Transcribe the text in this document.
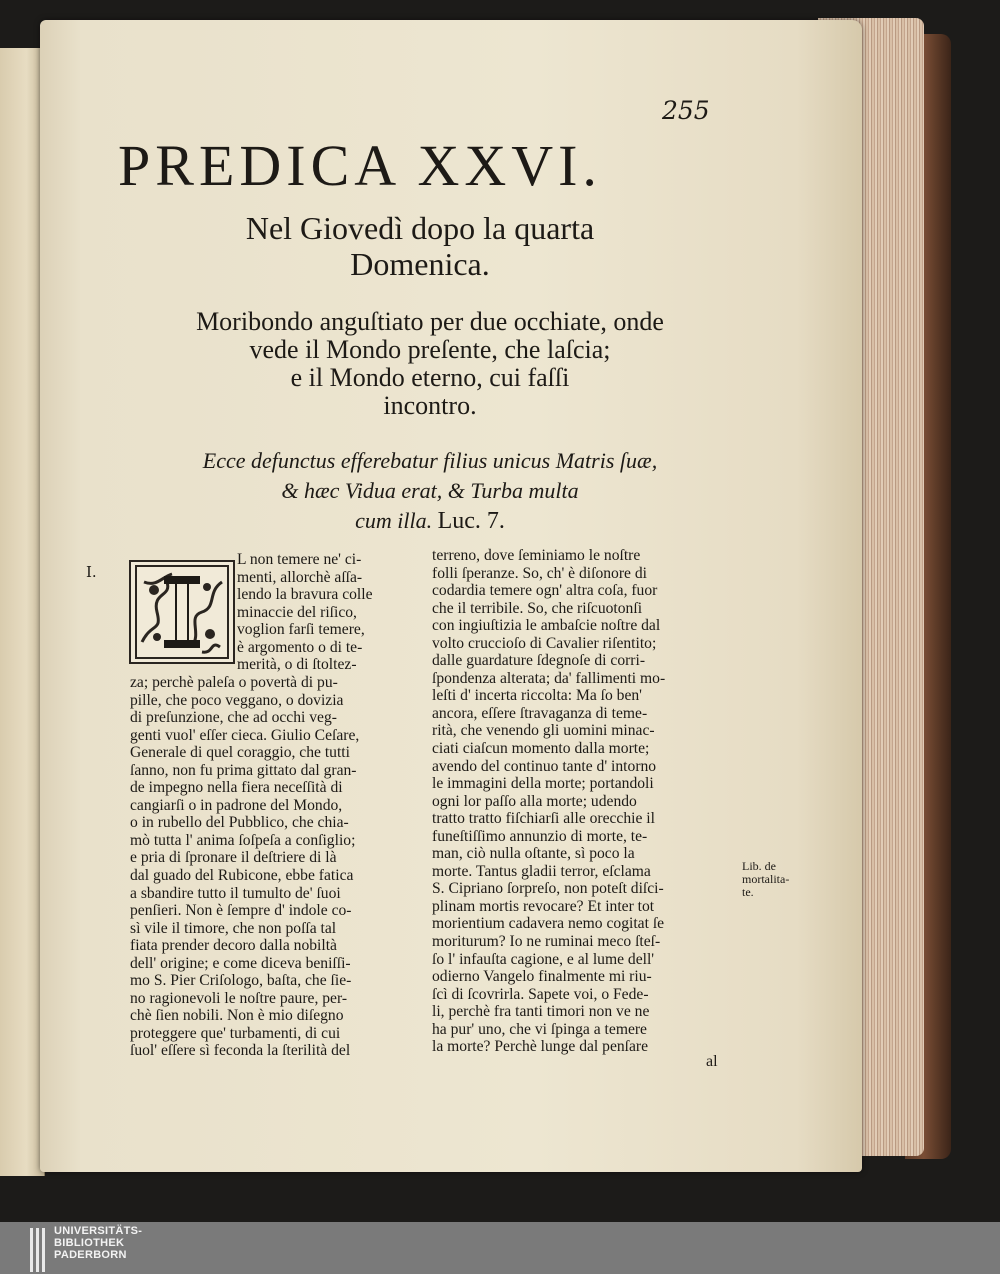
255
PREDICA XXVI.
Nel Giovedì dopo la quarta
Domenica.
Moribondo anguſtiato per due occhiate, onde
vede il Mondo preſente, che laſcia;
e il Mondo eterno, cui faſſi
incontro.
Ecce defunctus efferebatur filius unicus Matris ſuæ,
& hæc Vidua erat, & Turba multa
cum illa. Luc. 7.
I.
L non temere ne' ci-
menti, allorchè aſſa-
lendo la bravura colle
minaccie del riſico,
voglion farſi temere,
è argomento o di te-
merità, o di ſtoltez-
za; perchè paleſa o povertà di pu-
pille, che poco veggano, o dovizia
di preſunzione, che ad occhi veg-
genti vuol' eſſer cieca. Giulio Ceſare,
Generale di quel coraggio, che tutti
ſanno, non fu prima gittato dal gran-
de impegno nella fiera neceſſità di
cangiarſi o in padrone del Mondo,
o in rubello del Pubblico, che chia-
mò tutta l' anima ſoſpeſa a conſiglio;
e pria di ſpronare il deſtriere di là
dal guado del Rubicone, ebbe fatica
a sbandire tutto il tumulto de' ſuoi
penſieri. Non è ſempre d' indole co-
sì vile il timore, che non poſſa tal
fiata prender decoro dalla nobiltà
dell' origine; e come diceva beniſſi-
mo S. Pier Criſologo, baſta, che ſie-
no ragionevoli le noſtre paure, per-
chè ſien nobili. Non è mio diſegno
proteggere que' turbamenti, di cui
ſuol' eſſere sì feconda la ſterilità del
terreno, dove ſeminiamo le noſtre
folli ſperanze. So, ch' è diſonore di
codardia temere ogn' altra coſa, fuor
che il terribile. So, che riſcuotonſi
con ingiuſtizia le ambaſcie noſtre dal
volto cruccioſo di Cavalier riſentito;
dalle guardature ſdegnoſe di corri-
ſpondenza alterata; da' fallimenti mo-
leſti d' incerta riccolta: Ma ſo ben'
ancora, eſſere ſtravaganza di teme-
rità, che venendo gli uomini minac-
ciati ciaſcun momento dalla morte;
avendo del continuo tante d' intorno
le immagini della morte; portandoli
ogni lor paſſo alla morte; udendo
tratto tratto fiſchiarſi alle orecchie il
funeſtiſſimo annunzio di morte, te-
man, ciò nulla oſtante, sì poco la
morte. Tantus gladii terror, eſclama
S. Cipriano ſorpreſo, non poteſt diſci-
plinam mortis revocare? Et inter tot
morientium cadavera nemo cogitat ſe
moriturum? Io ne ruminai meco ſteſ-
ſo l' infauſta cagione, e al lume dell'
odierno Vangelo finalmente mi riu-
ſcì di ſcovrirla. Sapete voi, o Fede-
li, perchè fra tanti timori non ve ne
ha pur' uno, che vi ſpinga a temere
la morte? Perchè lunge dal penſare
Lib. de
mortalita-
te.
al
UNIVERSITÄTS-
BIBLIOTHEK
PADERBORN
